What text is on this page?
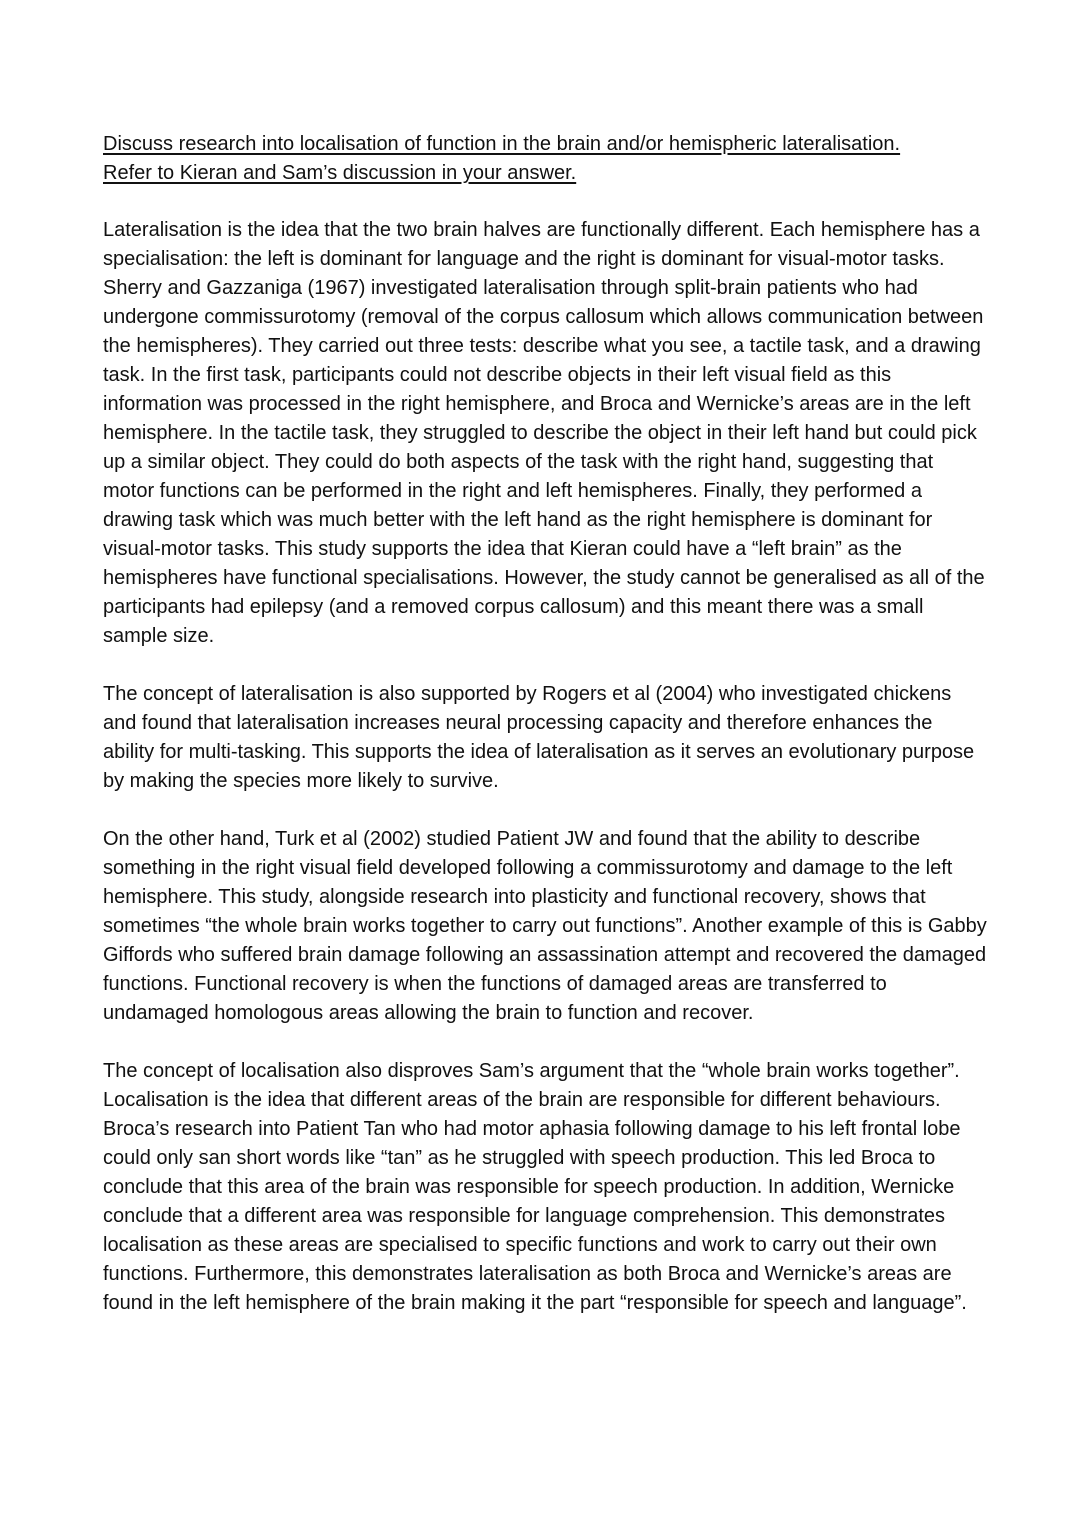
Discuss research into localisation of function in the brain and/or hemispheric lateralisation.
Refer to Kieran and Sam’s discussion in your answer.

Lateralisation is the idea that the two brain halves are functionally different. Each hemisphere has a specialisation: the left is dominant for language and the right is dominant for visual-motor tasks. Sherry and Gazzaniga (1967) investigated lateralisation through split-brain patients who had undergone commissurotomy (removal of the corpus callosum which allows communication between the hemispheres). They carried out three tests: describe what you see, a tactile task, and a drawing task. In the first task, participants could not describe objects in their left visual field as this information was processed in the right hemisphere, and Broca and Wernicke’s areas are in the left hemisphere. In the tactile task, they struggled to describe the object in their left hand but could pick up a similar object. They could do both aspects of the task with the right hand, suggesting that motor functions can be performed in the right and left hemispheres. Finally, they performed a drawing task which was much better with the left hand as the right hemisphere is dominant for visual-motor tasks. This study supports the idea that Kieran could have a “left brain” as the hemispheres have functional specialisations. However, the study cannot be generalised as all of the participants had epilepsy (and a removed corpus callosum) and this meant there was a small sample size.

The concept of lateralisation is also supported by Rogers et al (2004) who investigated chickens and found that lateralisation increases neural processing capacity and therefore enhances the ability for multi-tasking. This supports the idea of lateralisation as it serves an evolutionary purpose by making the species more likely to survive.

On the other hand, Turk et al (2002) studied Patient JW and found that the ability to describe something in the right visual field developed following a commissurotomy and damage to the left hemisphere. This study, alongside research into plasticity and functional recovery, shows that sometimes “the whole brain works together to carry out functions”. Another example of this is Gabby Giffords who suffered brain damage following an assassination attempt and recovered the damaged functions. Functional recovery is when the functions of damaged areas are transferred to undamaged homologous areas allowing the brain to function and recover.

The concept of localisation also disproves Sam’s argument that the “whole brain works together”. Localisation is the idea that different areas of the brain are responsible for different behaviours. Broca’s research into Patient Tan who had motor aphasia following damage to his left frontal lobe could only san short words like “tan” as he struggled with speech production. This led Broca to conclude that this area of the brain was responsible for speech production. In addition, Wernicke conclude that a different area was responsible for language comprehension. This demonstrates localisation as these areas are specialised to specific functions and work to carry out their own functions. Furthermore, this demonstrates lateralisation as both Broca and Wernicke’s areas are found in the left hemisphere of the brain making it the part “responsible for speech and language”.
